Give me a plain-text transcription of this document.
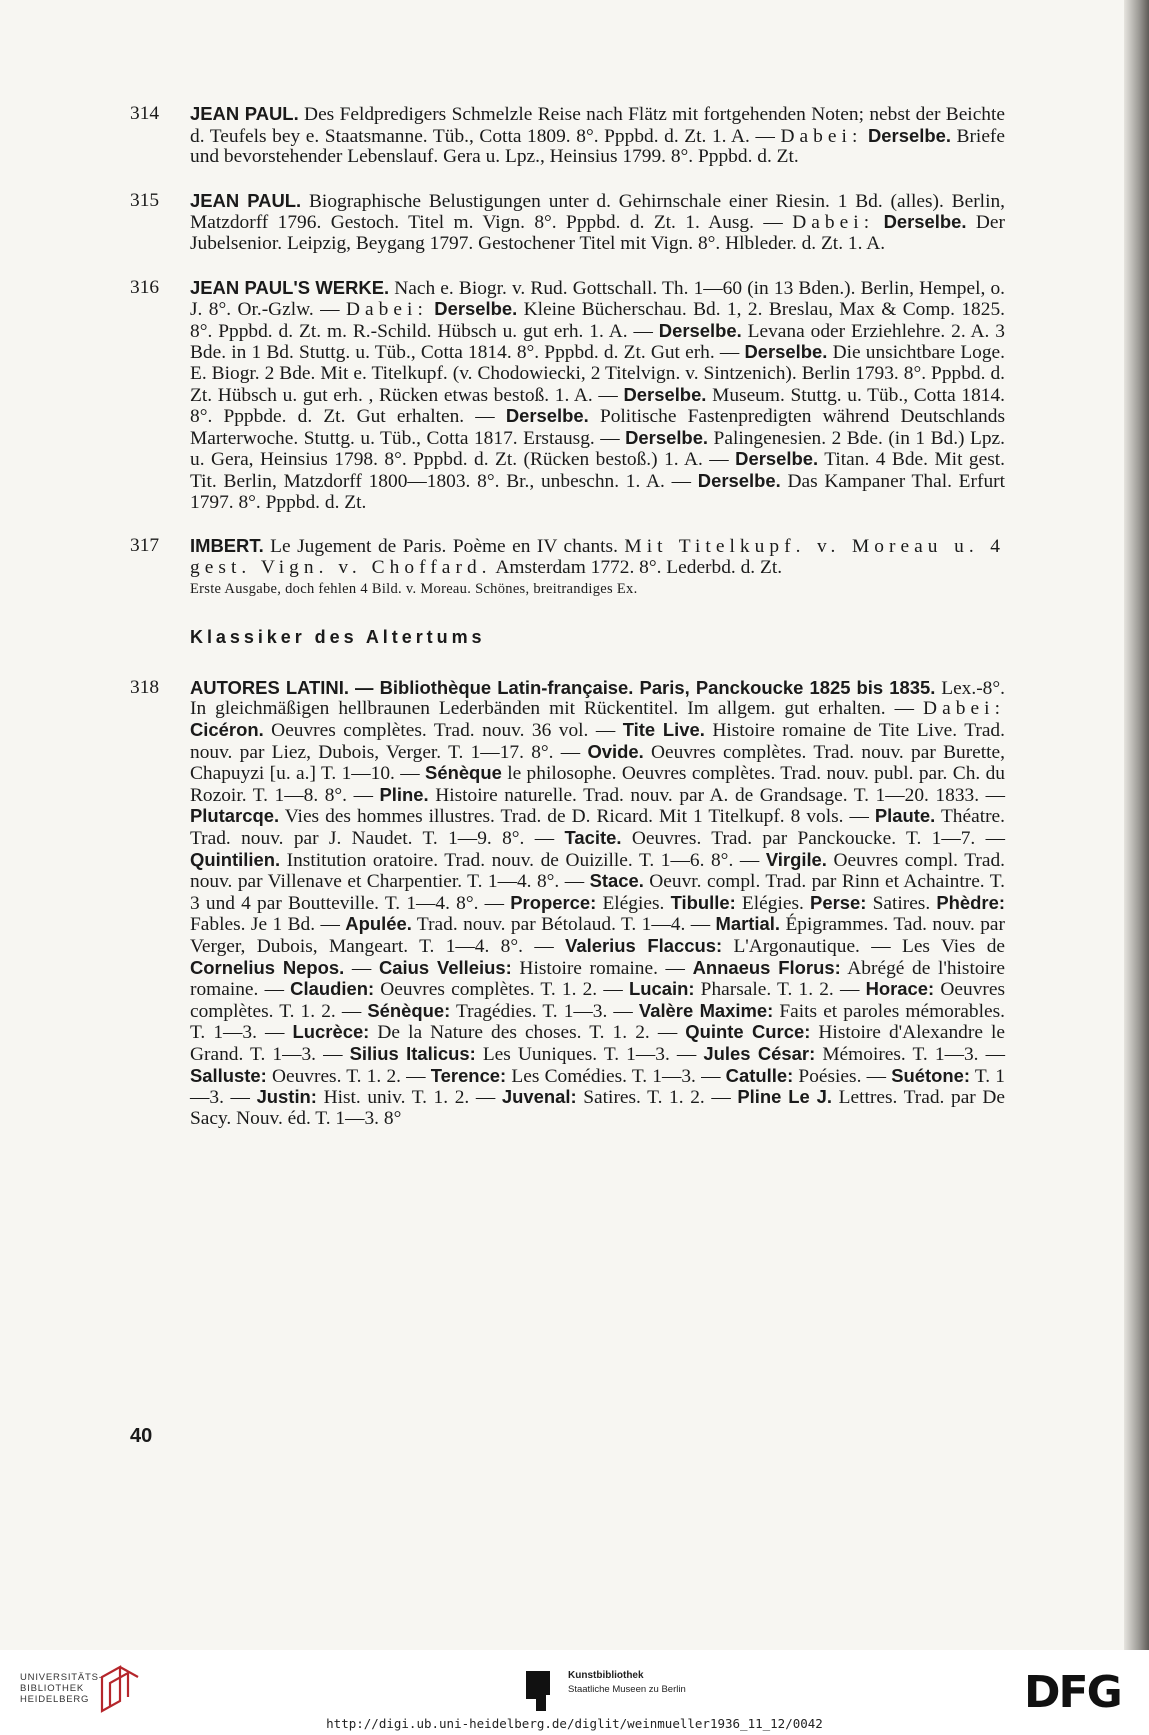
314 JEAN PAUL. Des Feldpredigers Schmelzle Reise nach Flätz mit fortgehenden Noten; nebst der Beichte d. Teufels bey e. Staatsmanne. Tüb., Cotta 1809. 8°. Pppbd. d. Zt. 1. A. — Dabei: Derselbe. Briefe und bevorstehender Lebenslauf. Gera u. Lpz., Heinsius 1799. 8°. Pppbd. d. Zt.
315 JEAN PAUL. Biographische Belustigungen unter d. Gehirnschale einer Riesin. 1 Bd. (alles). Berlin, Matzdorff 1796. Gestoch. Titel m. Vign. 8°. Pppbd. d. Zt. 1. Ausg. — Dabei: Derselbe. Der Jubelsenior. Leipzig, Beygang 1797. Gestochener Titel mit Vign. 8°. Hlbleder. d. Zt. 1. A.
316 JEAN PAUL'S WERKE. Nach e. Biogr. v. Rud. Gottschall. Th. 1—60 (in 13 Bden.). Berlin, Hempel, o. J. 8°. Or.-Gzlw. — Dabei: Derselbe. Kleine Bücherschau. Bd. 1, 2. Breslau, Max & Comp. 1825. 8°. Pppbd. d. Zt. m. R.-Schild. Hübsch u. gut erh. 1. A. — Derselbe. Levana oder Erziehlehre. 2. A. 3 Bde. in 1 Bd. Stuttg. u. Tüb., Cotta 1814. 8°. Pppbd. d. Zt. Gut erh. — Derselbe. Die unsichtbare Loge. E. Biogr. 2 Bde. Mit e. Titelkupf. (v. Chodowiecki, 2 Titelvign. v. Sintzenich). Berlin 1793. 8°. Pppbd. d. Zt. Hübsch u. gut erh. , Rücken etwas bestoß. 1. A. — Derselbe. Museum. Stuttg. u. Tüb., Cotta 1814. 8°. Pppbde. d. Zt. Gut erhalten. — Derselbe. Politische Fastenpredigten während Deutschlands Marterwoche. Stuttg. u. Tüb., Cotta 1817. Erstausg. — Derselbe. Palingenesien. 2 Bde. (in 1 Bd.) Lpz. u. Gera, Heinsius 1798. 8°. Pppbd. d. Zt. (Rücken bestoß.) 1. A. — Derselbe. Titan. 4 Bde. Mit gest. Tit. Berlin, Matzdorff 1800—1803. 8°. Br., unbeschn. 1. A. — Derselbe. Das Kampaner Thal. Erfurt 1797. 8°. Pppbd. d. Zt.
317 IMBERT. Le Jugement de Paris. Poème en IV chants. Mit Titelkupf. v. Moreau u. 4 gest. Vign. v. Choffard. Amsterdam 1772. 8°. Lederbd. d. Zt.
Erste Ausgabe, doch fehlen 4 Bild. v. Moreau. Schönes, breitrandiges Ex.
Klassiker des Altertums
318 AUTORES LATINI. — Bibliothèque Latin-française. Paris, Panckoucke 1825 bis 1835. Lex.-8°. In gleichmäßigen hellbraunen Lederbänden mit Rückentitel. Im allgem. gut erhalten. — Dabei: Cicéron. Oeuvres complètes. Trad. nouv. 36 vol. — Tite Live. Histoire romaine de Tite Live. Trad. nouv. par Liez, Dubois, Verger. T. 1—17. 8°. — Ovide. Oeuvres complètes. Trad. nouv. par Burette, Chapuyzi [u. a.] T. 1—10. — Sénèque le philosophe. Oeuvres complètes. Trad. nouv. publ. par. Ch. du Rozoir. T. 1—8. 8°. — Pline. Histoire naturelle. Trad. nouv. par A. de Grandsage. T. 1—20. 1833. — Plutarcqe. Vies des hommes illustres. Trad. de D. Ricard. Mit 1 Titelkupf. 8 vols. — Plaute. Théatre. Trad. nouv. par J. Naudet. T. 1—9. 8°. — Tacite. Oeuvres. Trad. par Panckoucke. T. 1—7. — Quintilien. Institution oratoire. Trad. nouv. de Ouizille. T. 1—6. 8°. — Virgile. Oeuvres compl. Trad. nouv. par Villenave et Charpentier. T. 1—4. 8°. — Stace. Oeuvr. compl. Trad. par Rinn et Achaintre. T. 3 und 4 par Boutteville. T. 1—4. 8°. — Properce: Elégies. Tibulle: Elégies. Perse: Satires. Phèdre: Fables. Je 1 Bd. — Apulée. Trad. nouv. par Bétolaud. T. 1—4. — Martial. Épigrammes. Tad. nouv. par Verger, Dubois, Mangeart. T. 1—4. 8°. — Valerius Flaccus: L'Argonautique. — Les Vies de Cornelius Nepos. — Caius Velleius: Histoire romaine. — Annaeus Florus: Abrégé de l'histoire romaine. — Claudien: Oeuvres complètes. T. 1. 2. — Lucain: Pharsale. T. 1. 2. — Horace: Oeuvres complètes. T. 1. 2. — Sénèque: Tragédies. T. 1—3. — Valère Maxime: Faits et paroles mémorables. T. 1—3. — Lucrèce: De la Nature des choses. T. 1. 2. — Quinte Curce: Histoire d'Alexandre le Grand. T. 1—3. — Silius Italicus: Les Uuniques. T. 1—3. — Jules César: Mémoires. T. 1—3. — Salluste: Oeuvres. T. 1. 2. — Terence: Les Comédies. T. 1—3. — Catulle: Poésies. — Suétone: T. 1—3. — Justin: Hist. univ. T. 1. 2. — Juvenal: Satires. T. 1. 2. — Pline Le J. Lettres. Trad. par De Sacy. Nouv. éd. T. 1—3. 8°
40
UNIVERSITÄTS-
BIBLIOTHEK
HEIDELBERG
Kunstbibliothek
Staatliche Museen zu Berlin	DFG
http://digi.ub.uni-heidelberg.de/diglit/weinmueller1936_11_12/0042
